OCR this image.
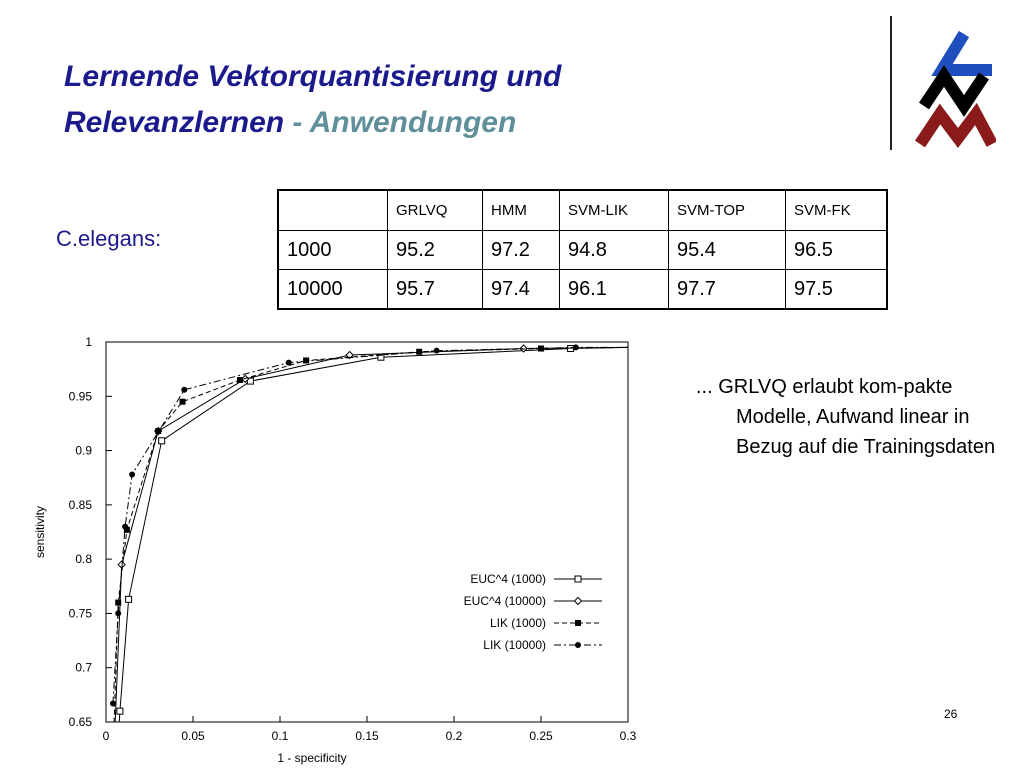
Lernende Vektorquantisierung und
Relevanzlernen - Anwendungen
C.elegans:
	GRLVQ	HMM	SVM-LIK	SVM-TOP	SVM-FK
1000	95.2	97.2	94.8	95.4	96.5
10000	95.7	97.4	96.1	97.7	97.5
0	0.05	0.1	0.15	0.2	0.25	0.3
0.65
0.7
0.75
0.8
0.85
0.9
0.95
1
1 - specificity
sensitivity
EUC^4 (1000)
EUC^4 (10000)
LIK (1000)
LIK (10000)

... GRLVQ erlaubt kom-pakte Modelle, Aufwand linear in Bezug auf die Trainingsdaten

26
